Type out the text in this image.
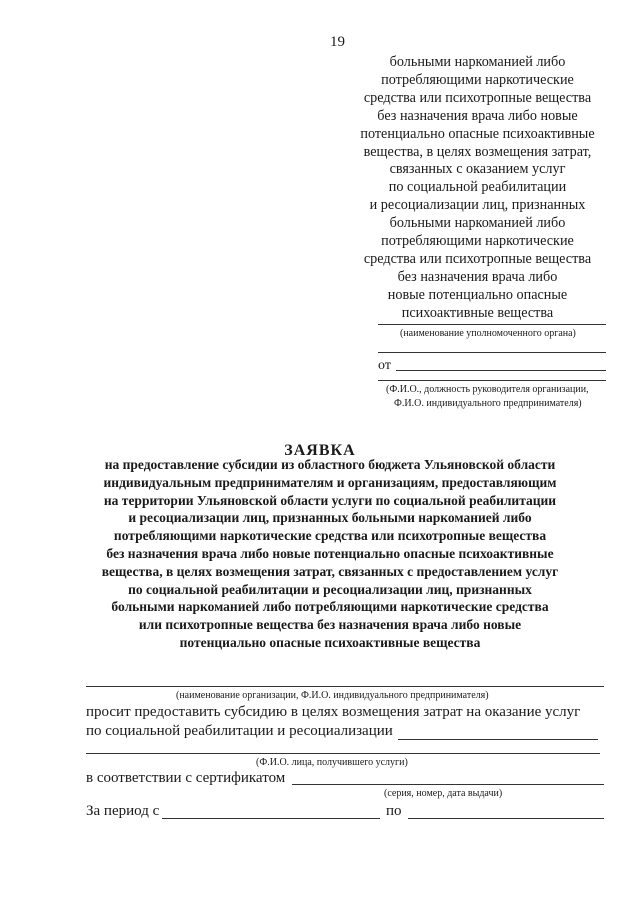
19
больными наркоманией либо
потребляющими наркотические
средства или психотропные вещества
без назначения врача либо новые
потенциально опасные психоактивные
вещества, в целях возмещения затрат,
связанных с оказанием услуг
по социальной реабилитации
и ресоциализации лиц, признанных
больными наркоманией либо
потребляющими наркотические
средства или психотропные вещества
без назначения врача либо
новые потенциально опасные
психоактивные вещества
(наименование уполномоченного органа)
от
(Ф.И.О., должность руководителя организации,
Ф.И.О. индивидуального предпринимателя)
ЗАЯВКА
на предоставление субсидии из областного бюджета Ульяновской области
индивидуальным предпринимателям и организациям, предоставляющим
на территории Ульяновской области услуги по социальной реабилитации
и ресоциализации лиц, признанных больными наркоманией либо
потребляющими наркотические средства или психотропные вещества
без назначения врача либо новые потенциально опасные психоактивные
вещества, в целях возмещения затрат, связанных с предоставлением услуг
по социальной реабилитации и ресоциализации лиц, признанных
больными наркоманией либо потребляющими наркотические средства
или психотропные вещества без назначения врача либо новые
потенциально опасные психоактивные вещества
(наименование организации, Ф.И.О. индивидуального предпринимателя)
просит предоставить субсидию в целях возмещения затрат на оказание услуг
по социальной реабилитации и ресоциализации
(Ф.И.О. лица, получившего услуги)
в соответствии с сертификатом
(серия, номер, дата выдачи)
За период с	по
